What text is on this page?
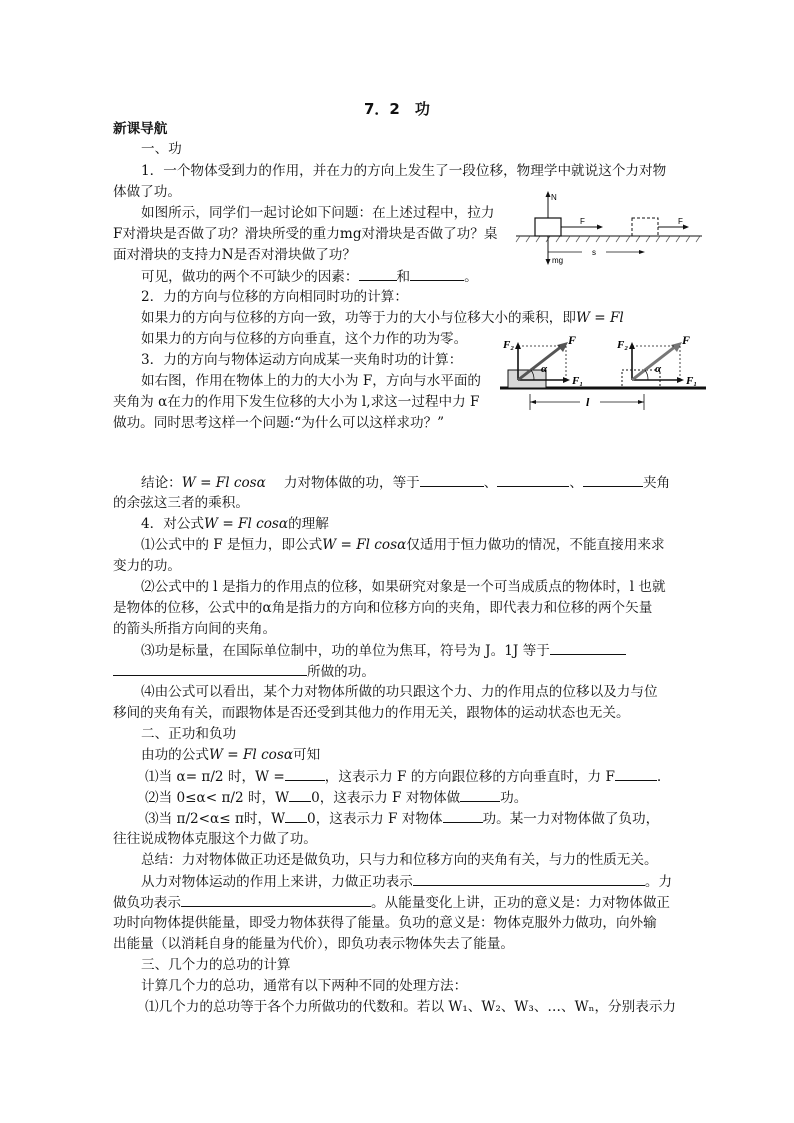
7．2　功
新课导航
一、功
1．一个物体受到力的作用，并在力的方向上发生了一段位移，物理学中就说这个力对物
体做了功。
如图所示，同学们一起讨论如下问题：在上述过程中，拉力
F对滑块是否做了功？滑块所受的重力mg对滑块是否做了功？桌
面对滑块的支持力N是否对滑块做了功？
可见，做功的两个不可缺少的因素：	和	。
2．力的方向与位移的方向相同时功的计算：
如果力的方向与位移的方向一致，功等于力的大小与位移大小的乘积，即W = Fl
如果力的方向与位移的方向垂直，这个力作的功为零。
3．力的方向与物体运动方向成某一夹角时功的计算：
如右图，作用在物体上的力的大小为 F，方向与水平面的
夹角为 α在力的作用下发生位移的大小为 l,求这一过程中力 F
做功。同时思考这样一个问题:“为什么可以这样求功？”
结论：W = Fl cosα 力对物体做的功，等于	、	、	夹角
的余弦这三者的乘积。
4．对公式W = Fl cosα的理解
⑴公式中的 F 是恒力，即公式W = Fl cosα仅适用于恒力做功的情况，不能直接用来求
变力的功。
⑵公式中的 l 是指力的作用点的位移，如果研究对象是一个可当成质点的物体时，l 也就
是物体的位移，公式中的α角是指力的方向和位移方向的夹角，即代表力和位移的两个矢量
的箭头所指方向间的夹角。
⑶功是标量，在国际单位制中，功的单位为焦耳，符号为 J。1J 等于
所做的功。
⑷由公式可以看出，某个力对物体所做的功只跟这个力、力的作用点的位移以及力与位
移间的夹角有关，而跟物体是否还受到其他力的作用无关，跟物体的运动状态也无关。
二、正功和负功
由功的公式W = Fl cosα可知
⑴当 α= π/2 时，W =	，这表示力 F 的方向跟位移的方向垂直时，力 F	.
⑵当 0≤α< π/2 时，W 0，这表示力 F 对物体做	功。
⑶当 π/2<α≤ π时，W 0，这表示力 F 对物体	功。某一力对物体做了负功，
往往说成物体克服这个力做了功。
总结：力对物体做正功还是做负功，只与力和位移方向的夹角有关，与力的性质无关。
从力对物体运动的作用上来讲，力做正功表示	。力
做负功表示	。从能量变化上讲，正功的意义是：力对物体做正
功时向物体提供能量，即受力物体获得了能量。负功的意义是：物体克服外力做功，向外输
出能量（以消耗自身的能量为代价），即负功表示物体失去了能量。
三、几个力的总功的计算
计算几个力的总功，通常有以下两种不同的处理方法：
⑴几个力的总功等于各个力所做功的代数和。若以 W₁、W₂、W₃、…、Wₙ，分别表示力
N
F
mg
s
F
F₂	F
α
F₁
F₂	F
α
F₁
l
